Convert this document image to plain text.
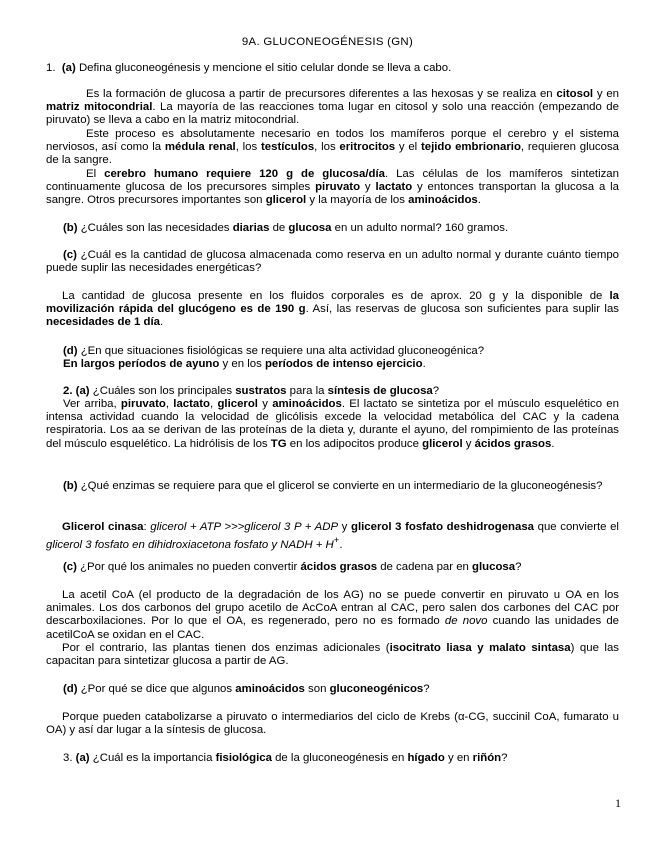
9A. GLUCONEOGÉNESIS (GN)
1. (a) Defina gluconeogénesis y mencione el sitio celular donde se lleva a cabo.
Es la formación de glucosa a partir de precursores diferentes a las hexosas y se realiza en citosol y en matriz mitocondrial. La mayoría de las reacciones toma lugar en citosol y solo una reacción (empezando de piruvato) se lleva a cabo en la matriz mitocondrial.
Este proceso es absolutamente necesario en todos los mamíferos porque el cerebro y el sistema nerviosos, así como la médula renal, los testículos, los eritrocitos y el tejido embrionario, requieren glucosa de la sangre.
El cerebro humano requiere 120 g de glucosa/día. Las células de los mamíferos sintetizan continuamente glucosa de los precursores simples piruvato y lactato y entonces transportan la glucosa a la sangre. Otros precursores importantes son glicerol y la mayoría de los aminoácidos.
(b) ¿Cuáles son las necesidades diarias de glucosa en un adulto normal? 160 gramos.
(c) ¿Cuál es la cantidad de glucosa almacenada como reserva en un adulto normal y durante cuánto tiempo puede suplir las necesidades energéticas?
La cantidad de glucosa presente en los fluidos corporales es de aprox. 20 g y la disponible de la movilización rápida del glucógeno es de 190 g. Así, las reservas de glucosa son suficientes para suplir las necesidades de 1 día.
(d) ¿En que situaciones fisiológicas se requiere una alta actividad gluconeogénica?
En largos períodos de ayuno y en los períodos de intenso ejercicio.
2. (a) ¿Cuáles son los principales sustratos para la síntesis de glucosa?
Ver arriba, piruvato, lactato, glicerol y aminoácidos. El lactato se sintetiza por el músculo esquelético en intensa actividad cuando la velocidad de glicólisis excede la velocidad metabólica del CAC y la cadena respiratoria. Los aa se derivan de las proteínas de la dieta y, durante el ayuno, del rompimiento de las proteínas del músculo esquelético. La hidrólisis de los TG en los adipocitos produce glicerol y ácidos grasos.
(b) ¿Qué enzimas se requiere para que el glicerol se convierte en un intermediario de la gluconeogénesis?
Glicerol cinasa: glicerol + ATP >>>glicerol 3 P + ADP y glicerol 3 fosfato deshidrogenasa que convierte el glicerol 3 fosfato en dihidroxiacetona fosfato y NADH + H+.
(c) ¿Por qué los animales no pueden convertir ácidos grasos de cadena par en glucosa?
La acetil CoA (el producto de la degradación de los AG) no se puede convertir en piruvato u OA en los animales. Los dos carbonos del grupo acetilo de AcCoA entran al CAC, pero salen dos carbones del CAC por descarboxilaciones. Por lo que el OA, es regenerado, pero no es formado de novo cuando las unidades de acetilCoA se oxidan en el CAC.
Por el contrario, las plantas tienen dos enzimas adicionales (isocitrato liasa y malato sintasa) que las capacitan para sintetizar glucosa a partir de AG.
(d) ¿Por qué se dice que algunos aminoácidos son gluconeogénicos?
Porque pueden catabolizarse a piruvato o intermediarios del ciclo de Krebs (α-CG, succinil CoA, fumarato u OA) y así dar lugar a la síntesis de glucosa.
3. (a) ¿Cuál es la importancia fisiológica de la gluconeogénesis en hígado y en riñón?
1
